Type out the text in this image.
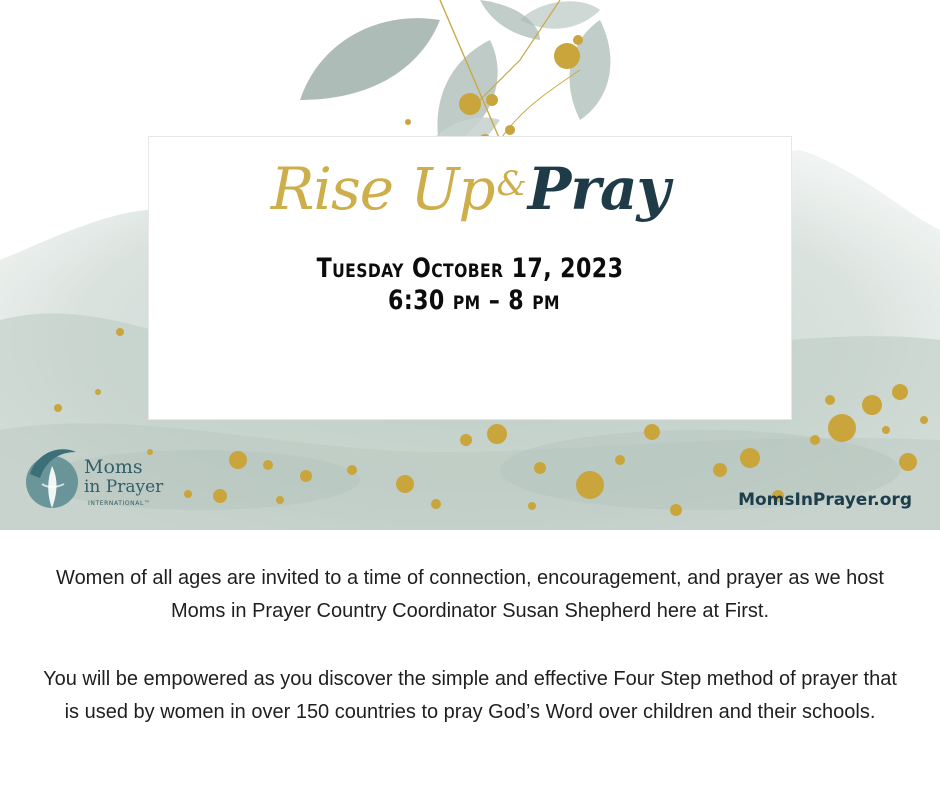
Rise Up&Pray
Tuesday October 17, 2023
6:30 pm – 8 pm
Moms
in Prayer
INTERNATIONAL™	MomsInPrayer.org
Women of all ages are invited to a time of connection, encouragement, and prayer as we host Moms in Prayer Country Coordinator Susan Shepherd here at First.
You will be empowered as you discover the simple and effective Four Step method of prayer that is used by women in over 150 countries to pray God’s Word over children and their schools.
